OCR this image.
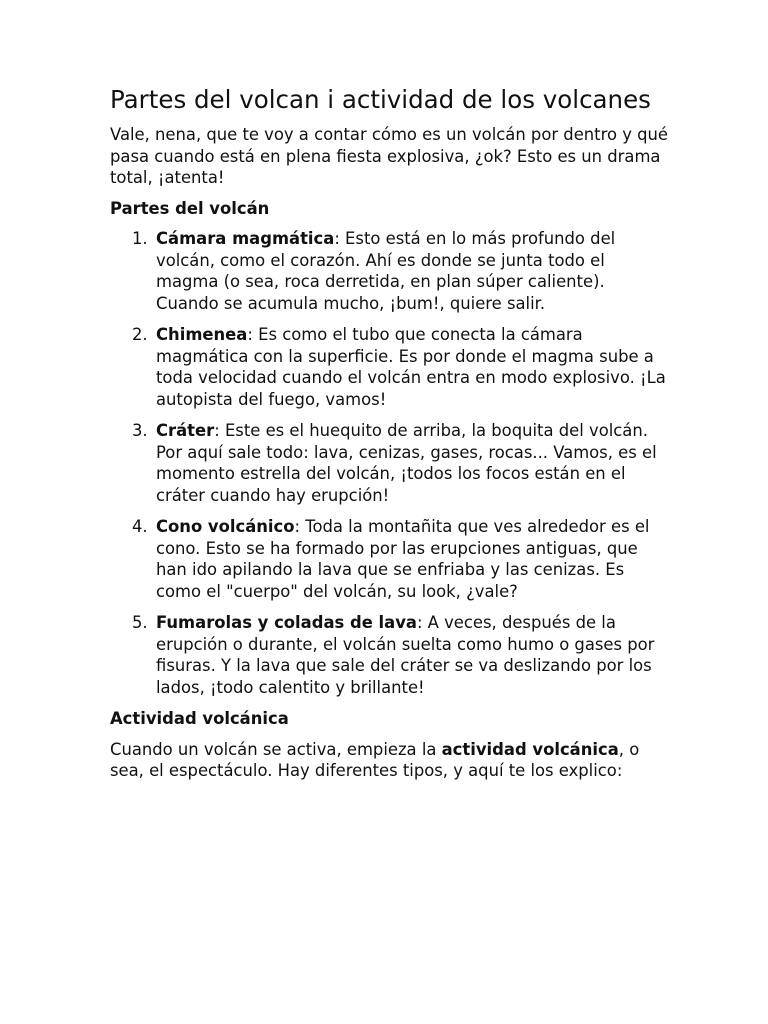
Partes del volcan i actividad de los volcanes

Vale, nena, que te voy a contar cómo es un volcán por dentro y qué pasa cuando está en plena fiesta explosiva, ¿ok? Esto es un drama total, ¡atenta!

Partes del volcán
1. Cámara magmática: Esto está en lo más profundo del volcán, como el corazón. Ahí es donde se junta todo el magma (o sea, roca derretida, en plan súper caliente). Cuando se acumula mucho, ¡bum!, quiere salir.
2. Chimenea: Es como el tubo que conecta la cámara magmática con la superficie. Es por donde el magma sube a toda velocidad cuando el volcán entra en modo explosivo. ¡La autopista del fuego, vamos!
3. Cráter: Este es el huequito de arriba, la boquita del volcán. Por aquí sale todo: lava, cenizas, gases, rocas... Vamos, es el momento estrella del volcán, ¡todos los focos están en el cráter cuando hay erupción!
4. Cono volcánico: Toda la montañita que ves alrededor es el cono. Esto se ha formado por las erupciones antiguas, que han ido apilando la lava que se enfriaba y las cenizas. Es como el "cuerpo" del volcán, su look, ¿vale?
5. Fumarolas y coladas de lava: A veces, después de la erupción o durante, el volcán suelta como humo o gases por fisuras. Y la lava que sale del cráter se va deslizando por los lados, ¡todo calentito y brillante!
Actividad volcánica

Cuando un volcán se activa, empieza la actividad volcánica, o sea, el espectáculo. Hay diferentes tipos, y aquí te los explico:
